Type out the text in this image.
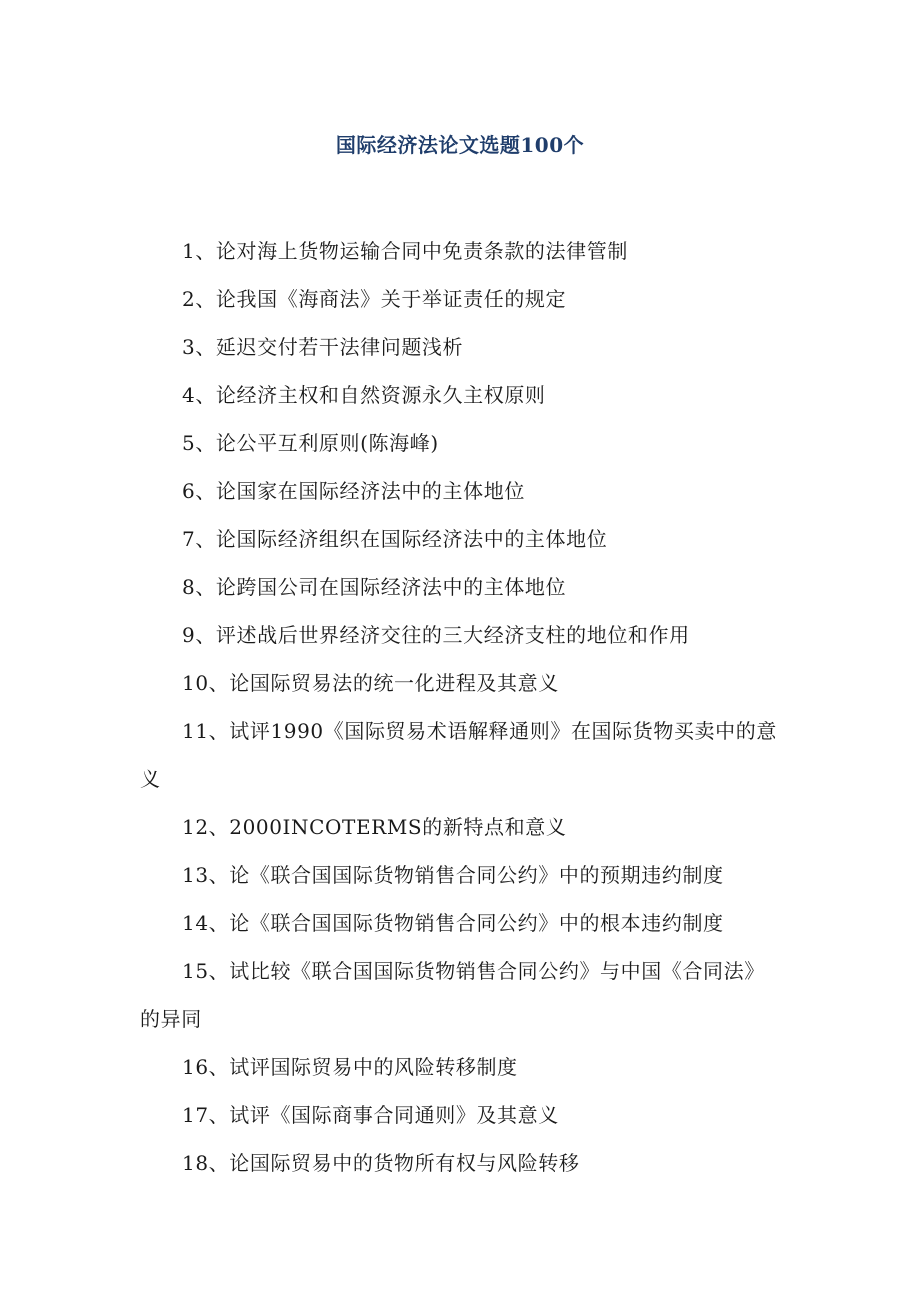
国际经济法论文选题100个
1、论对海上货物运输合同中免责条款的法律管制
2、论我国《海商法》关于举证责任的规定
3、延迟交付若干法律问题浅析
4、论经济主权和自然资源永久主权原则
5、论公平互利原则(陈海峰)
6、论国家在国际经济法中的主体地位
7、论国际经济组织在国际经济法中的主体地位
8、论跨国公司在国际经济法中的主体地位
9、评述战后世界经济交往的三大经济支柱的地位和作用
10、论国际贸易法的统一化进程及其意义
11、试评1990《国际贸易术语解释通则》在国际货物买卖中的意义
12、2000INCOTERMS的新特点和意义
13、论《联合国国际货物销售合同公约》中的预期违约制度
14、论《联合国国际货物销售合同公约》中的根本违约制度
15、试比较《联合国国际货物销售合同公约》与中国《合同法》的异同
16、试评国际贸易中的风险转移制度
17、试评《国际商事合同通则》及其意义
18、论国际贸易中的货物所有权与风险转移
